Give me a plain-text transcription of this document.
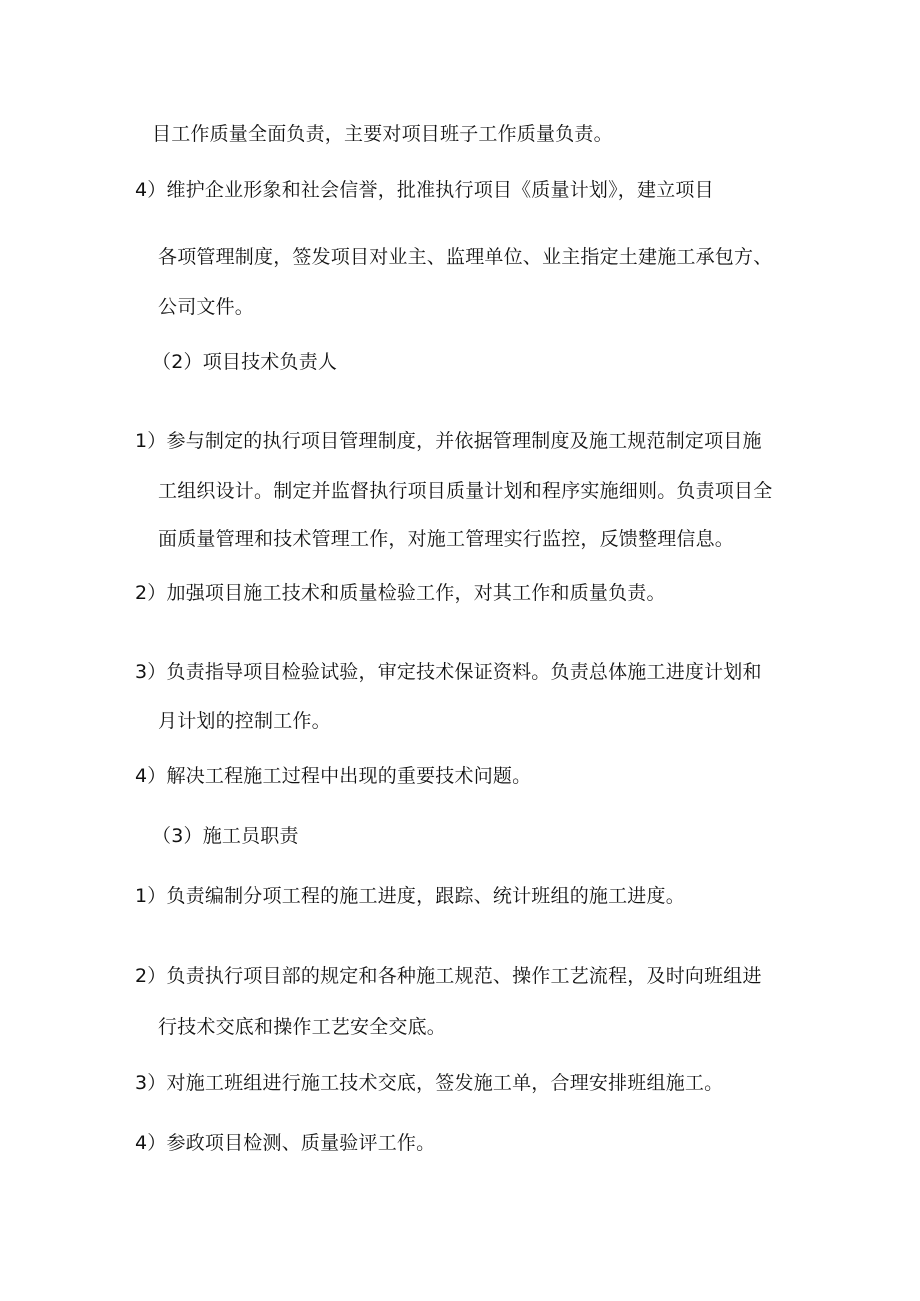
目工作质量全面负责，主要对项目班子工作质量负责。
4）维护企业形象和社会信誉，批准执行项目《质量计划》，建立项目
各项管理制度，签发项目对业主、监理单位、业主指定土建施工承包方、
公司文件。
（2）项目技术负责人
1）参与制定的执行项目管理制度，并依据管理制度及施工规范制定项目施
工组织设计。制定并监督执行项目质量计划和程序实施细则。负责项目全
面质量管理和技术管理工作，对施工管理实行监控，反馈整理信息。
2）加强项目施工技术和质量检验工作，对其工作和质量负责。
3）负责指导项目检验试验，审定技术保证资料。负责总体施工进度计划和
月计划的控制工作。
4）解决工程施工过程中出现的重要技术问题。
（3）施工员职责
1）负责编制分项工程的施工进度，跟踪、统计班组的施工进度。
2）负责执行项目部的规定和各种施工规范、操作工艺流程，及时向班组进
行技术交底和操作工艺安全交底。
3）对施工班组进行施工技术交底，签发施工单，合理安排班组施工。
4）参政项目检测、质量验评工作。
